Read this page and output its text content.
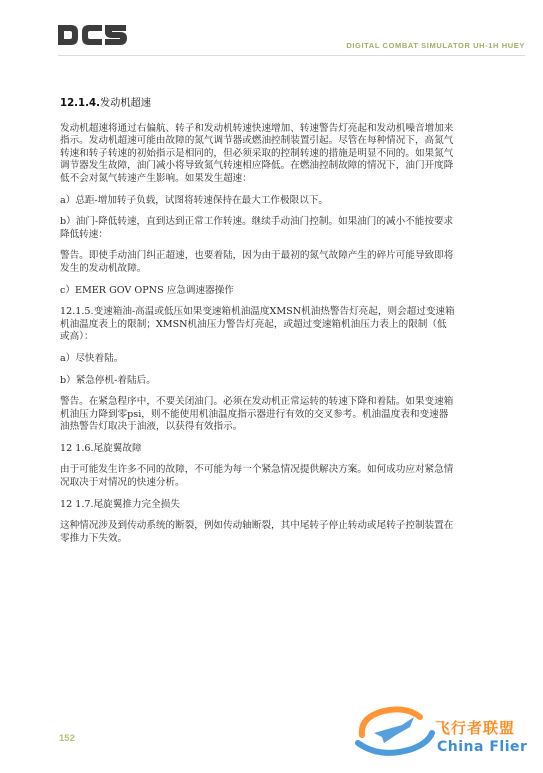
DIGITAL COMBAT SIMULATOR UH-1H HUEY
12.1.4.发动机超速

发动机超速将通过右偏航、转子和发动机转速快速增加、转速警告灯亮起和发动机噪音增加来指示。发动机超速可能由故障的氮气调节器或燃油控制装置引起。尽管在每种情况下，高氮气转速和转子转速的初始指示是相同的，但必须采取的控制转速的措施是明显不同的。如果氮气调节器发生故障，油门减小将导致氮气转速相应降低。在燃油控制故障的情况下，油门开度降低不会对氮气转速产生影响。如果发生超速：

a）总距-增加转子负载，试图将转速保持在最大工作极限以下。

b）油门-降低转速，直到达到正常工作转速。继续手动油门控制。如果油门的减小不能按要求降低转速：

警告。即使手动油门纠正超速，也要着陆，因为由于最初的氮气故障产生的碎片可能导致即将发生的发动机故障。

c）EMER GOV OPNS 应急调速器操作

12.1.5.变速箱油-高温或低压如果变速箱机油温度XMSN机油热警告灯亮起，则会超过变速箱机油温度表上的限制；XMSN机油压力警告灯亮起，或超过变速箱机油压力表上的限制（低或高）：

a）尽快着陆。

b）紧急停机-着陆后。

警告。在紧急程序中，不要关闭油门。必须在发动机正常运转的转速下降和着陆。如果变速箱机油压力降到零psi，则不能使用机油温度指示器进行有效的交叉参考。机油温度表和变速器油热警告灯取决于油液，以获得有效指示。

12 1.6.尾旋翼故障

由于可能发生许多不同的故障，不可能为每一个紧急情况提供解决方案。如何成功应对紧急情况取决于对情况的快速分析。

12 1.7.尾旋翼推力完全损失

这种情况涉及到传动系统的断裂，例如传动轴断裂，其中尾转子停止转动或尾转子控制装置在零推力下失效。

152
飞行者联盟
China Flier
